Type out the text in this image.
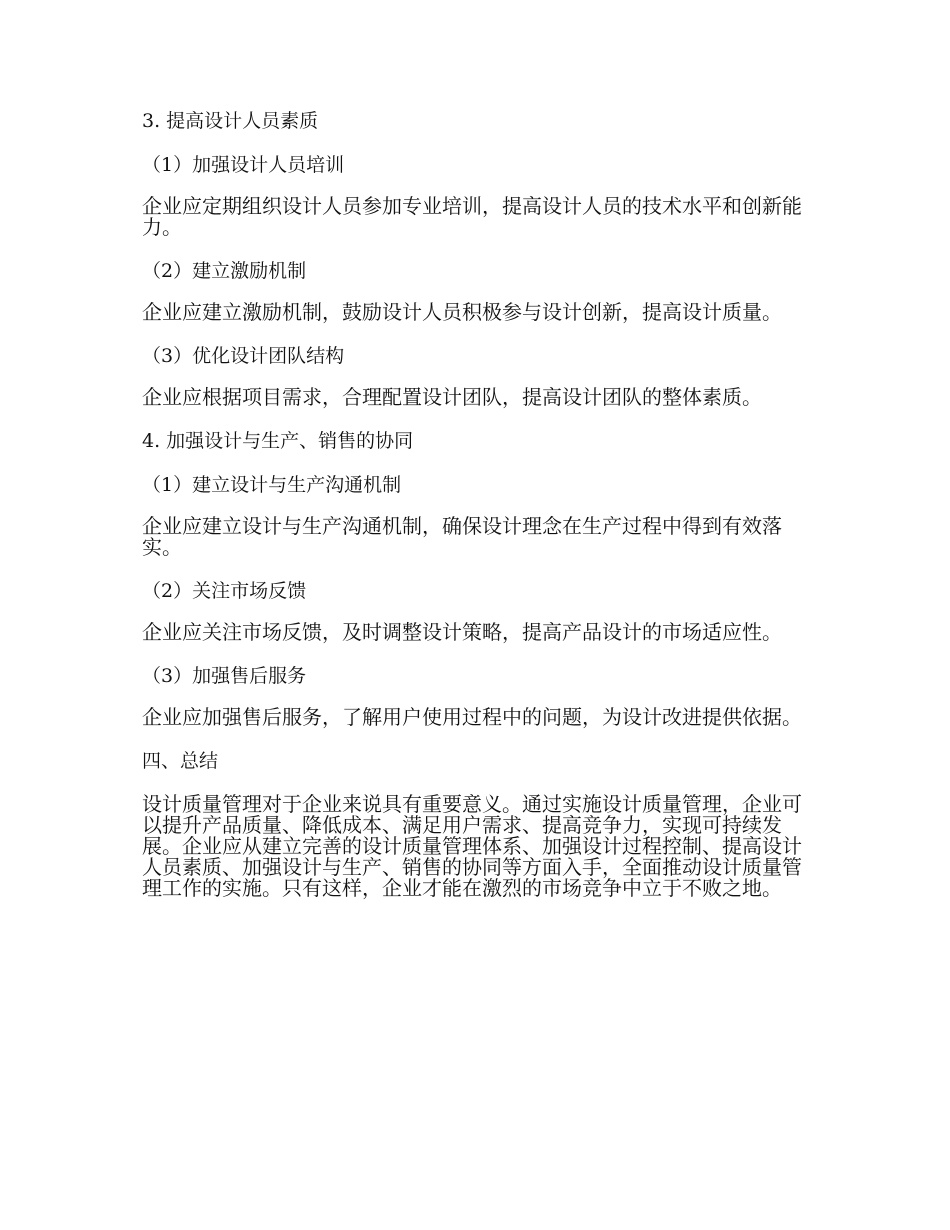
3. 提高设计人员素质
（1）加强设计人员培训
企业应定期组织设计人员参加专业培训，提高设计人员的技术水平和创新能力。
（2）建立激励机制
企业应建立激励机制，鼓励设计人员积极参与设计创新，提高设计质量。
（3）优化设计团队结构
企业应根据项目需求，合理配置设计团队，提高设计团队的整体素质。
4. 加强设计与生产、销售的协同
（1）建立设计与生产沟通机制
企业应建立设计与生产沟通机制，确保设计理念在生产过程中得到有效落实。
（2）关注市场反馈
企业应关注市场反馈，及时调整设计策略，提高产品设计的市场适应性。
（3）加强售后服务
企业应加强售后服务，了解用户使用过程中的问题，为设计改进提供依据。
四、总结
设计质量管理对于企业来说具有重要意义。通过实施设计质量管理，企业可以提升产品质量、降低成本、满足用户需求、提高竞争力，实现可持续发展。企业应从建立完善的设计质量管理体系、加强设计过程控制、提高设计人员素质、加强设计与生产、销售的协同等方面入手，全面推动设计质量管理工作的实施。只有这样，企业才能在激烈的市场竞争中立于不败之地。
